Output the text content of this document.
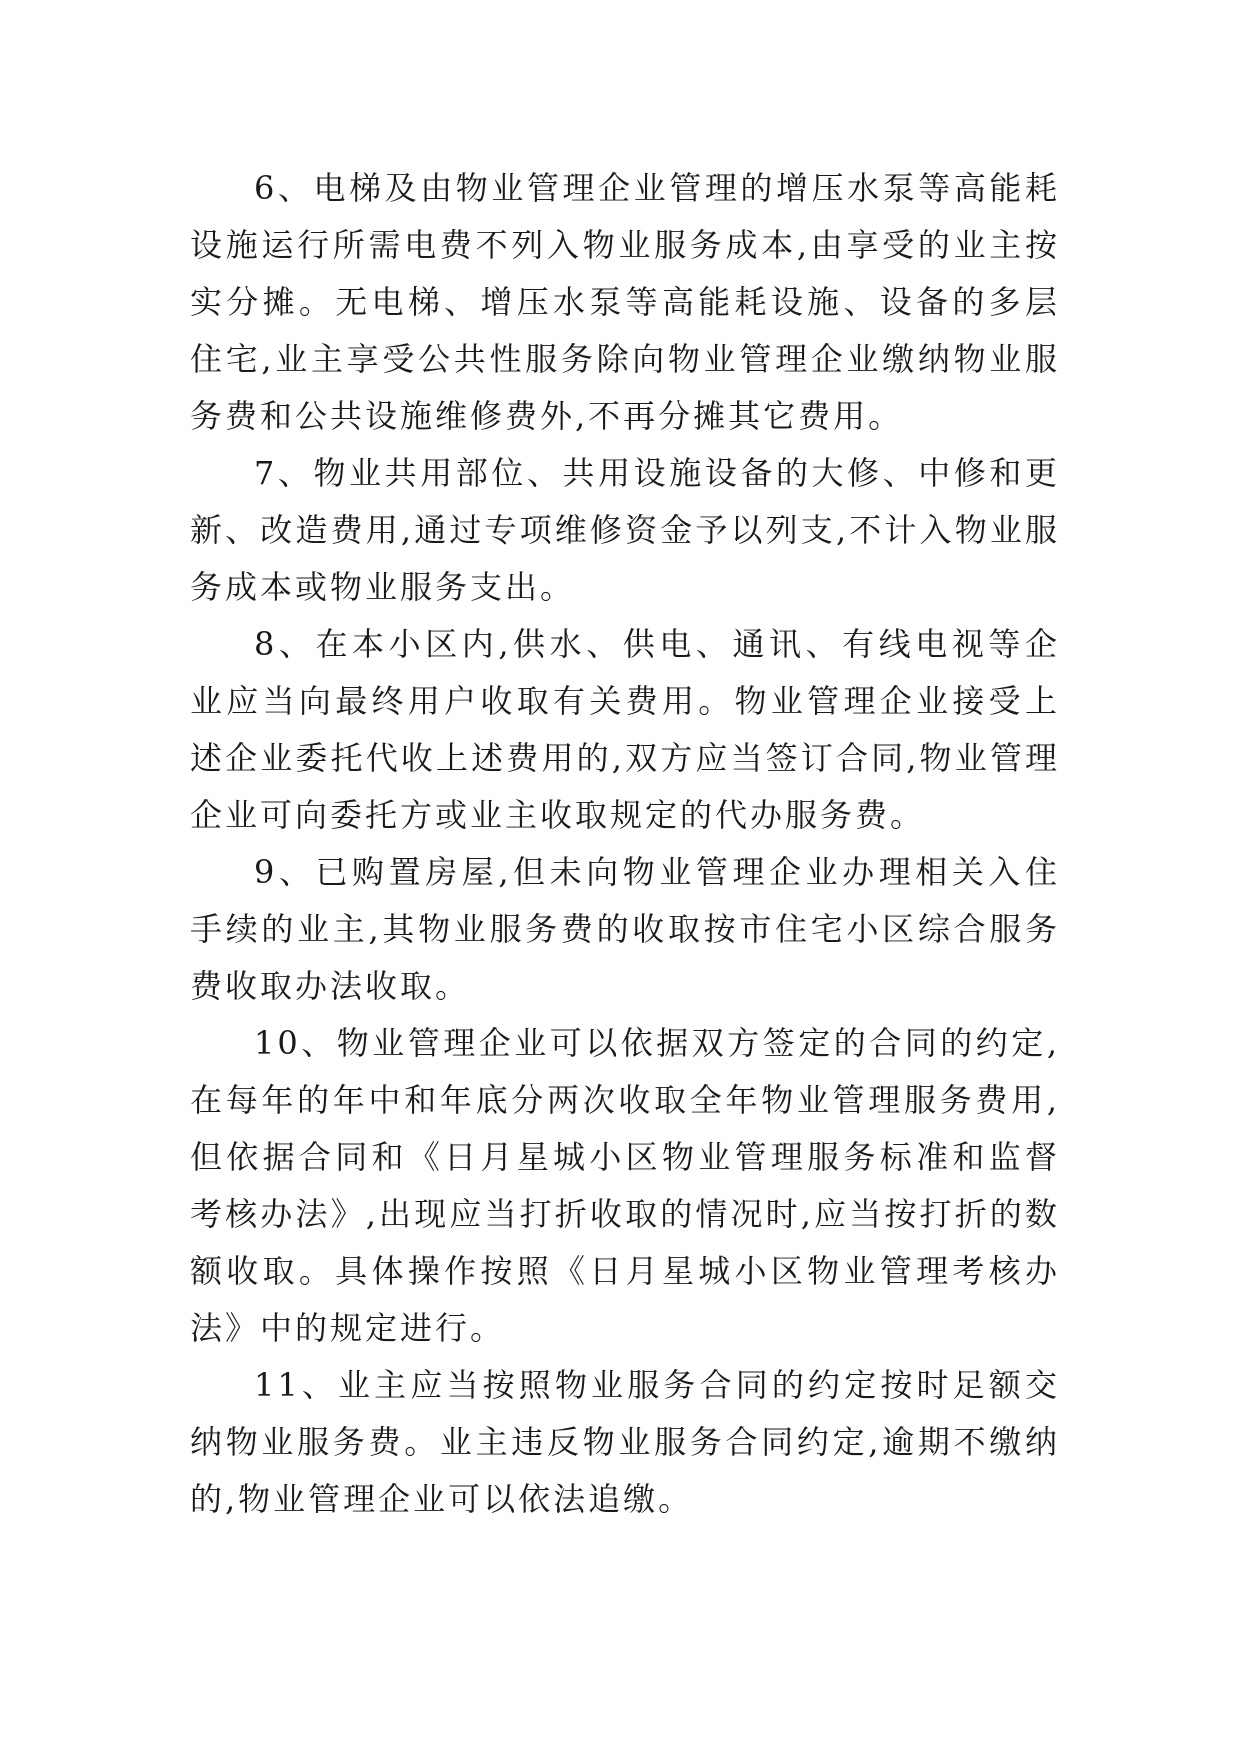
6、电梯及由物业管理企业管理的增压水泵等高能耗设施运行所需电费不列入物业服务成本,由享受的业主按实分摊。无电梯、增压水泵等高能耗设施、设备的多层住宅,业主享受公共性服务除向物业管理企业缴纳物业服务费和公共设施维修费外,不再分摊其它费用。

7、物业共用部位、共用设施设备的大修、中修和更新、改造费用,通过专项维修资金予以列支,不计入物业服务成本或物业服务支出。

8、在本小区内,供水、供电、通讯、有线电视等企业应当向最终用户收取有关费用。物业管理企业接受上述企业委托代收上述费用的,双方应当签订合同,物业管理企业可向委托方或业主收取规定的代办服务费。

9、已购置房屋,但未向物业管理企业办理相关入住手续的业主,其物业服务费的收取按市住宅小区综合服务费收取办法收取。

10、物业管理企业可以依据双方签定的合同的约定,在每年的年中和年底分两次收取全年物业管理服务费用,但依据合同和《日月星城小区物业管理服务标准和监督考核办法》,出现应当打折收取的情况时,应当按打折的数额收取。具体操作按照《日月星城小区物业管理考核办法》中的规定进行。

11、业主应当按照物业服务合同的约定按时足额交纳物业服务费。业主违反物业服务合同约定,逾期不缴纳的,物业管理企业可以依法追缴。
